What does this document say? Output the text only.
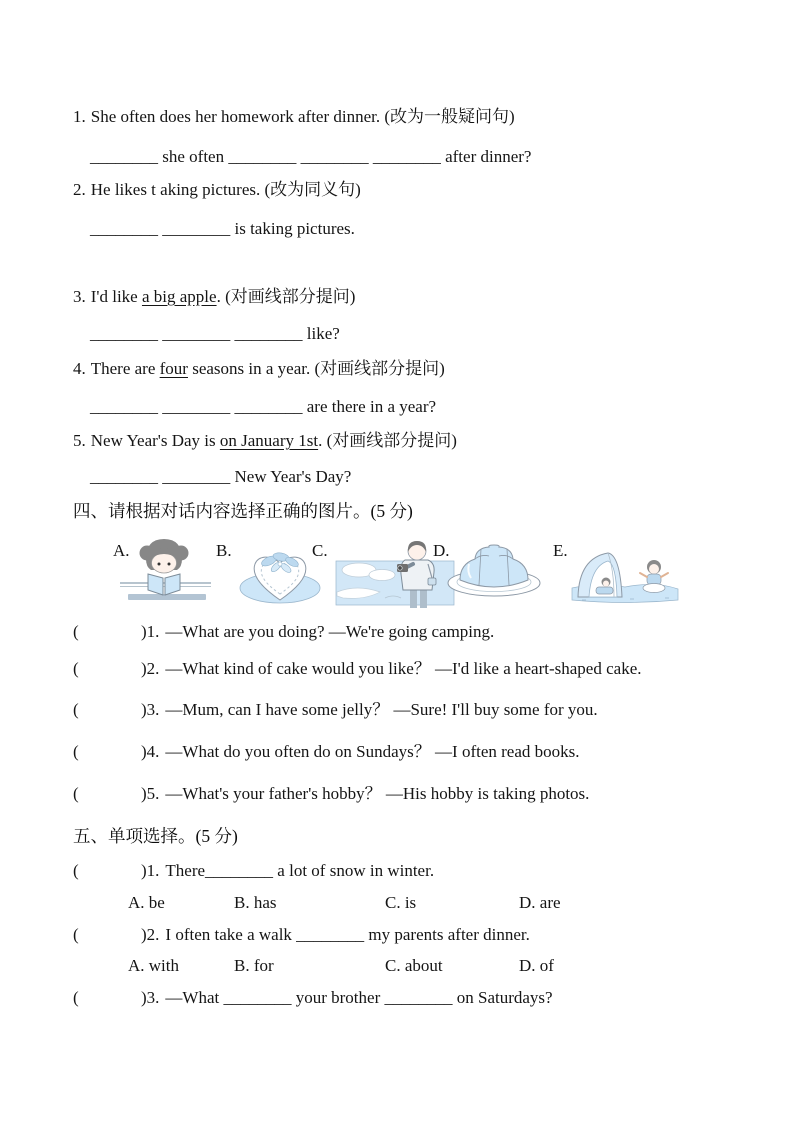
1. She often does her homework after dinner. (改为一般疑问句)
________ she often ________ ________ ________ after dinner?
2. He likes t aking pictures. (改为同义句)
________ ________ is taking pictures.
3. I'd like a big apple. (对画线部分提问)
________ ________ ________ like?
4. There are four seasons in a year. (对画线部分提问)
________ ________ ________ are there in a year?
5. New Year's Day is on January 1st. (对画线部分提问)
________ ________ New Year's Day?
四、请根据对话内容选择正确的图片。(5 分)
A.	B.	C.	D.	E.
(	)1. —What are you doing? —We're going camping.
(	)2. —What kind of cake would you like？ —I'd like a heart-shaped cake.
(	)3. —Mum, can I have some jelly？ —Sure! I'll buy some for you.
(	)4. —What do you often do on Sundays？ —I often read books.
(	)5. —What's your father's hobby？ —His hobby is taking photos.
五、单项选择。(5 分)
(	)1. There________ a lot of snow in winter.
A. be	B. has	C. is	D. are
(	)2. I often take a walk ________ my parents after dinner.
A. with	B. for	C. about	D. of
(	)3. —What ________ your brother ________ on Saturdays?
